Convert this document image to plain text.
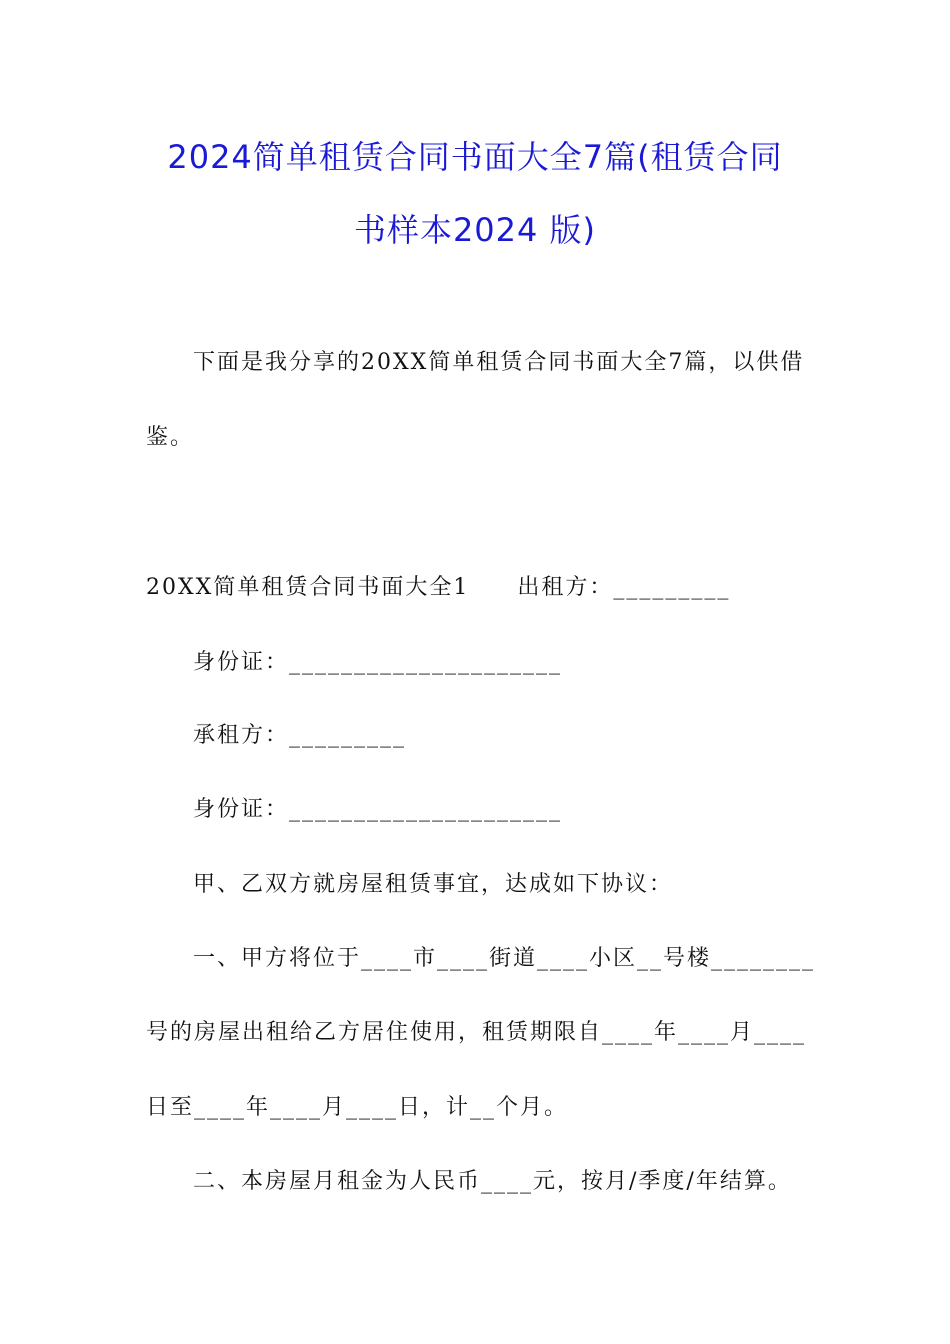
2024简单租赁合同书面大全7篇(租赁合同
书样本2024 版)
下面是我分享的20XX简单租赁合同书面大全7篇，以供借
鉴。
20XX简单租赁合同书面大全1　　出租方：_________
身份证：_____________________
承租方：_________
身份证：_____________________
甲、乙双方就房屋租赁事宜，达成如下协议：
一、甲方将位于____市____街道____小区__号楼________
号的房屋出租给乙方居住使用，租赁期限自____年____月____
日至____年____月____日，计__个月。
二、本房屋月租金为人民币____元，按月/季度/年结算。
